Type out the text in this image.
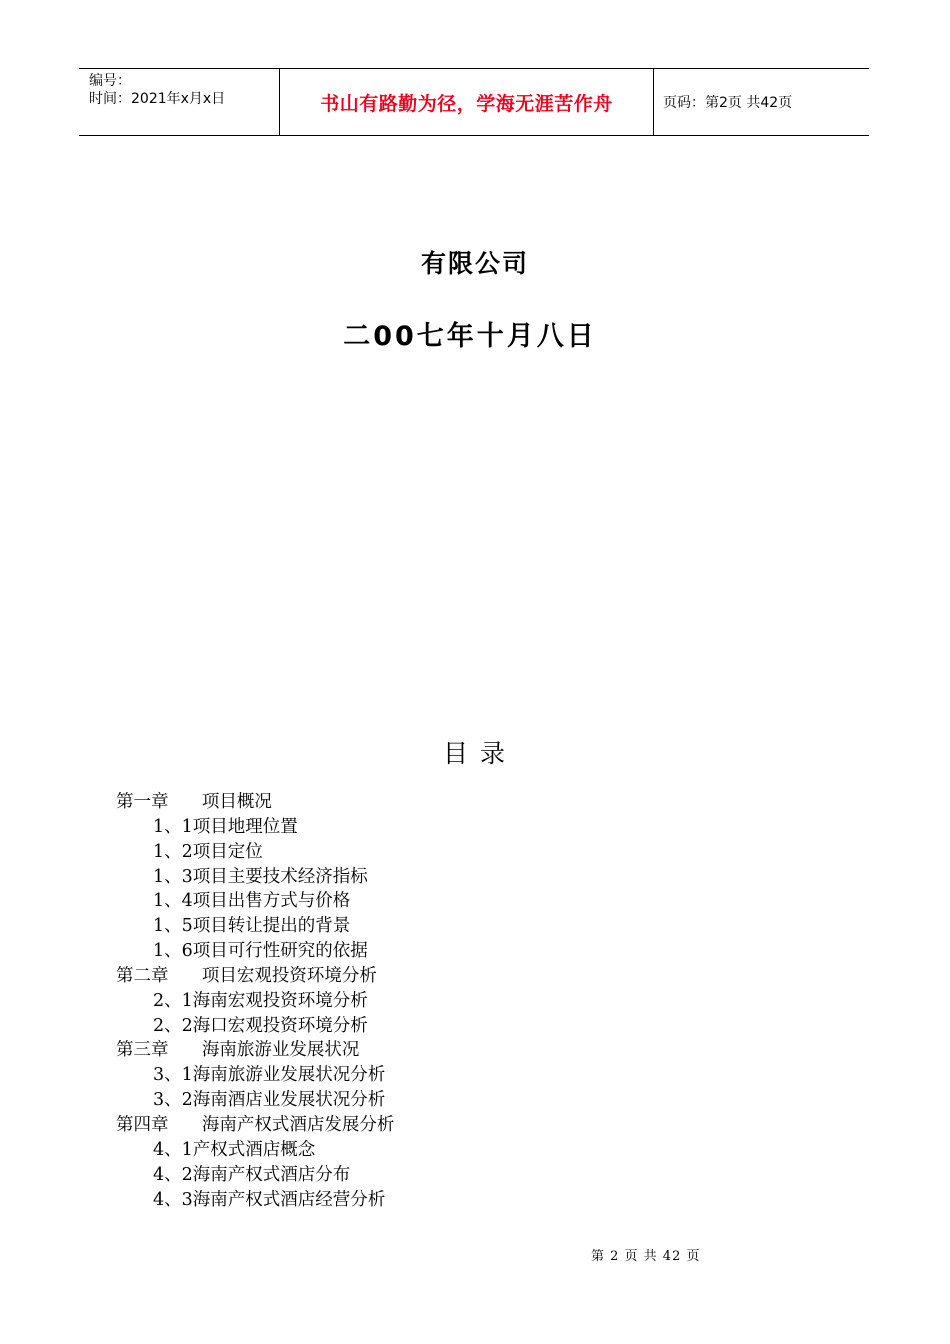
编号：
时间：2021年x月x日	书山有路勤为径，学海无涯苦作舟	页码：第2页 共42页
有限公司
二00七年十月八日
目 录
第一章      项目概况
1、1项目地理位置
1、2项目定位
1、3项目主要技术经济指标
1、4项目出售方式与价格
1、5项目转让提出的背景
1、6项目可行性研究的依据
第二章      项目宏观投资环境分析
2、1海南宏观投资环境分析
2、2海口宏观投资环境分析
第三章      海南旅游业发展状况
3、1海南旅游业发展状况分析
3、2海南酒店业发展状况分析
第四章      海南产权式酒店发展分析
4、1产权式酒店概念
4、2海南产权式酒店分布
4、3海南产权式酒店经营分析
第 2 页 共 42 页
